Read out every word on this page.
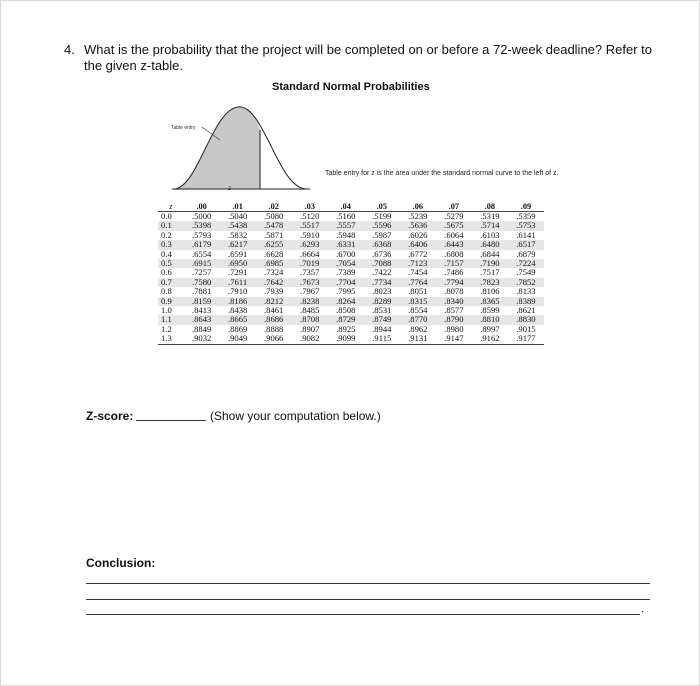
4. What is the probability that the project will be completed on or before a 72-week deadline? Refer to the given z-table.
Standard Normal Probabilities
Table entry
z
Table entry for z is the area under the standard normal curve to the left of z.
z	.00	.01	.02	.03	.04	.05	.06	.07	.08	.09
0.0	.5000	.5040	.5080	.5120	.5160	.5199	.5239	.5279	.5319	.5359
0.1	.5398	.5438	.5478	.5517	.5557	.5596	.5636	.5675	.5714	.5753
0.2	.5793	.5832	.5871	.5910	.5948	.5987	.6026	.6064	.6103	.6141
0.3	.6179	.6217	.6255	.6293	.6331	.6368	.6406	.6443	.6480	.6517
0.4	.6554	.6591	.6628	.6664	.6700	.6736	.6772	.6808	.6844	.6879
0.5	.6915	.6950	.6985	.7019	.7054	.7088	.7123	.7157	.7190	.7224
0.6	.7257	.7291	.7324	.7357	.7389	.7422	.7454	.7486	.7517	.7549
0.7	.7580	.7611	.7642	.7673	.7704	.7734	.7764	.7794	.7823	.7852
0.8	.7881	.7910	.7939	.7967	.7995	.8023	.8051	.8078	.8106	.8133
0.9	.8159	.8186	.8212	.8238	.8264	.8289	.8315	.8340	.8365	.8389
1.0	.8413	.8438	.8461	.8485	.8508	.8531	.8554	.8577	.8599	.8621
1.1	.8643	.8665	.8686	.8708	.8729	.8749	.8770	.8790	.8810	.8830
1.2	.8849	.8869	.8888	.8907	.8925	.8944	.8962	.8980	.8997	.9015
1.3	.9032	.9049	.9066	.9082	.9099	.9115	.9131	.9147	.9162	.9177
Z-score:	(Show your computation below.)
Conclusion:
.
